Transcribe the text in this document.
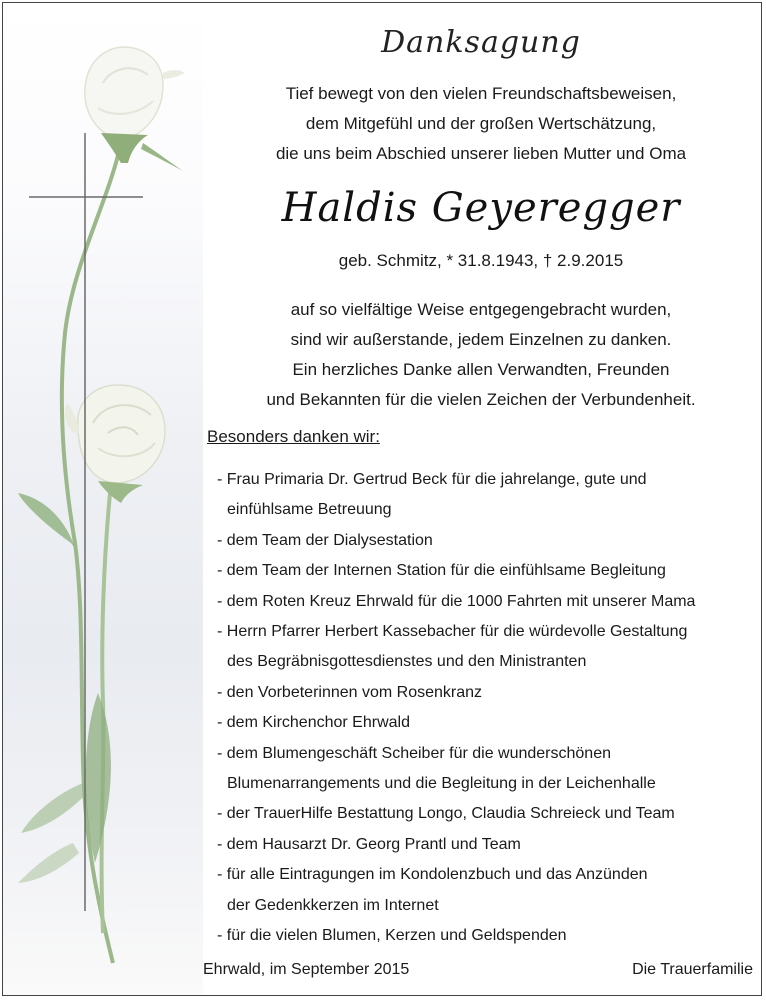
Danksagung
Tief bewegt von den vielen Freundschaftsbeweisen,
dem Mitgefühl und der großen Wertschätzung,
die uns beim Abschied unserer lieben Mutter und Oma
Haldis Geyeregger
geb. Schmitz, * 31.8.1943, † 2.9.2015
auf so vielfältige Weise entgegengebracht wurden,
sind wir außerstande, jedem Einzelnen zu danken.
Ein herzliches Danke allen Verwandten, Freunden
und Bekannten für die vielen Zeichen der Verbundenheit.
Besonders danken wir:
- Frau Primaria Dr. Gertrud Beck für die jahrelange, gute und
einfühlsame Betreuung
- dem Team der Dialysestation
- dem Team der Internen Station für die einfühlsame Begleitung
- dem Roten Kreuz Ehrwald für die 1000 Fahrten mit unserer Mama
- Herrn Pfarrer Herbert Kassebacher für die würdevolle Gestaltung
des Begräbnisgottesdienstes und den Ministranten
- den Vorbeterinnen vom Rosenkranz
- dem Kirchenchor Ehrwald
- dem Blumengeschäft Scheiber für die wunderschönen
Blumenarrangements und die Begleitung in der Leichenhalle
- der TrauerHilfe Bestattung Longo, Claudia Schreieck und Team
- dem Hausarzt Dr. Georg Prantl und Team
- für alle Eintragungen im Kondolenzbuch und das Anzünden
der Gedenkkerzen im Internet
- für die vielen Blumen, Kerzen und Geldspenden
Ehrwald, im September 2015	Die Trauerfamilie
